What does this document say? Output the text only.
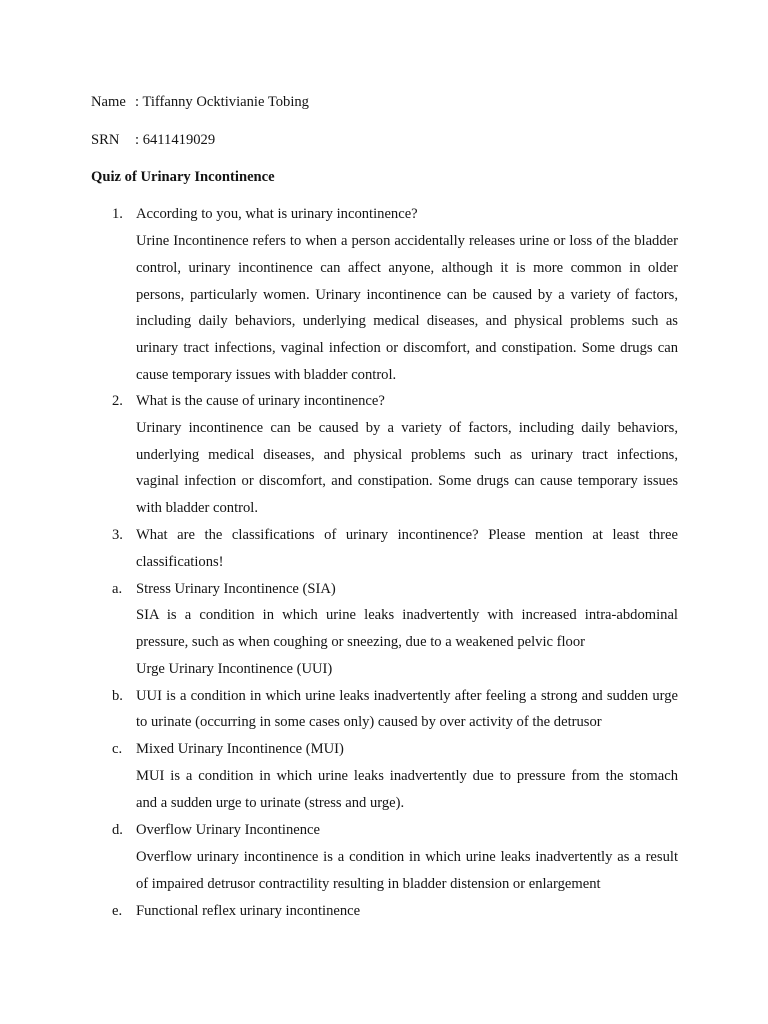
Name : Tiffanny Ocktivianie Tobing
SRN : 6411419029
Quiz of Urinary Incontinence
1. According to you, what is urinary incontinence?
Urine Incontinence refers to when a person accidentally releases urine or loss of the bladder
control, urinary incontinence can affect anyone, although it is more common in older
persons, particularly women. Urinary incontinence can be caused by a variety of factors,
including daily behaviors, underlying medical diseases, and physical problems such as
urinary tract infections, vaginal infection or discomfort, and constipation. Some drugs can
cause temporary issues with bladder control.
2. What is the cause of urinary incontinence?
Urinary incontinence can be caused by a variety of factors, including daily behaviors,
underlying medical diseases, and physical problems such as urinary tract infections,
vaginal infection or discomfort, and constipation. Some drugs can cause temporary issues
with bladder control.
3. What are the classifications of urinary incontinence? Please mention at least three
classifications!
a. Stress Urinary Incontinence (SIA)
SIA is a condition in which urine leaks inadvertently with increased intra-abdominal
pressure, such as when coughing or sneezing, due to a weakened pelvic floor
Urge Urinary Incontinence (UUI)
b. UUI is a condition in which urine leaks inadvertently after feeling a strong and sudden urge
to urinate (occurring in some cases only) caused by over activity of the detrusor
c. Mixed Urinary Incontinence (MUI)
MUI is a condition in which urine leaks inadvertently due to pressure from the stomach
and a sudden urge to urinate (stress and urge).
d. Overflow Urinary Incontinence
Overflow urinary incontinence is a condition in which urine leaks inadvertently as a result
of impaired detrusor contractility resulting in bladder distension or enlargement
e. Functional reflex urinary incontinence
